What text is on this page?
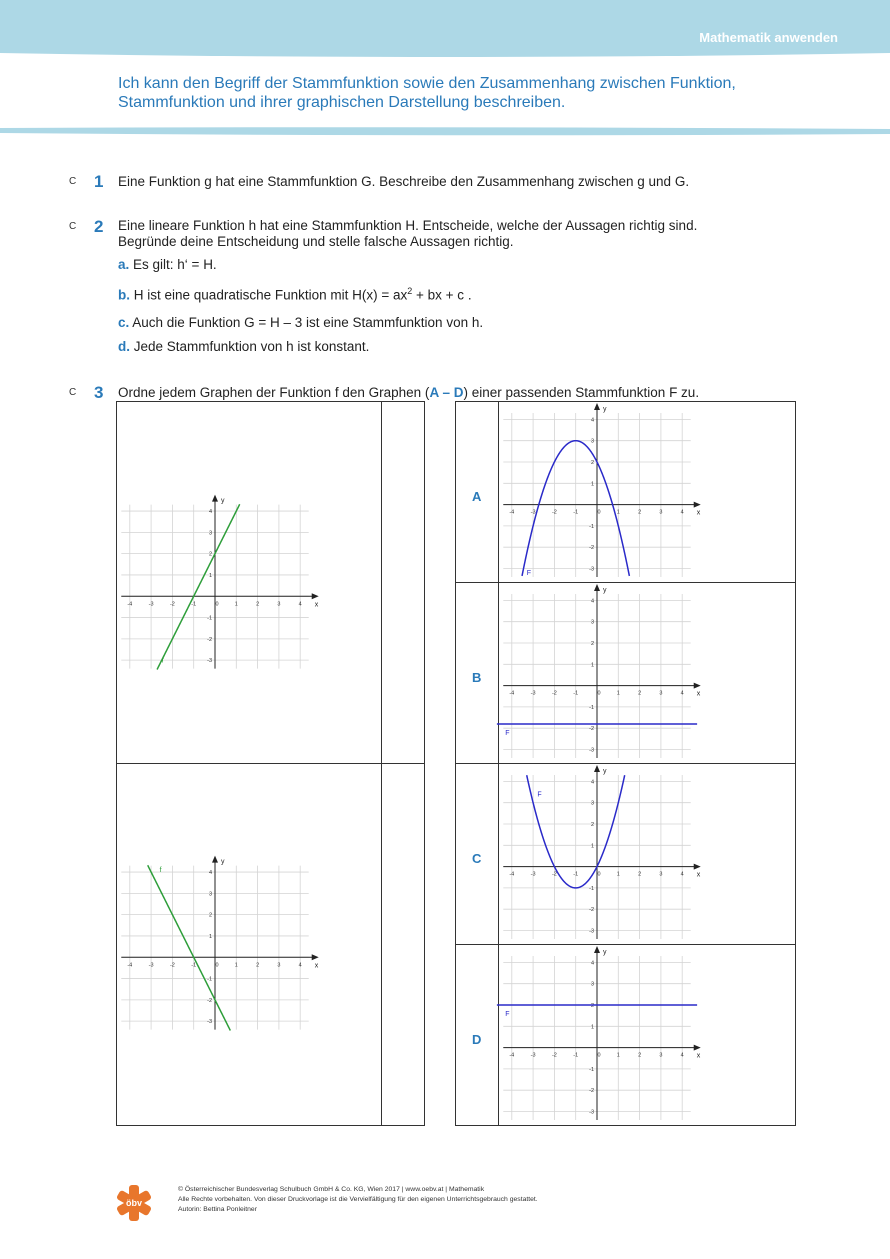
Mathematik anwenden
Ich kann den Begriff der Stammfunktion sowie den Zusammenhang zwischen Funktion,
Stammfunktion und ihrer graphischen Darstellung beschreiben.
C 1 Eine Funktion g hat eine Stammfunktion G. Beschreibe den Zusammenhang zwischen g und G.
C 2 Eine lineare Funktion h hat eine Stammfunktion H. Entscheide, welche der Aussagen richtig sind.
Begründe deine Entscheidung und stelle falsche Aussagen richtig.
a. Es gilt: h‘ = H.
b. H ist eine quadratische Funktion mit $H(x) = ax^2$ + bx + c .
c. Auch die Funktion G = H – 3 ist eine Stammfunktion von h.
d. Jede Stammfunktion von h ist konstant.
C 3 Ordne jedem Graphen der Funktion f den Graphen (A – D) einer passenden Stammfunktion F zu.
A
B
C
D
x
y
-4	-3	-2	-1	0	1	2	3	4
4
3
2
1
-1
-2
-3
f
x
y
-4	-3	-2	-1	0	1	2	3	4
4
3
2
1
-1
-2
-3
f
x
y
-4	-3	-2	-1	0	1	2	3	4
4
3
2
1
-1
-2
-3
F
x
y
-4	-3	-2	-1	0	1	2	3	4
4
3
2
1
-1
-2
-3
F
x
y
-4	-3	-2	-1	0	1	2	3	4
4
3
2
1
-1
-2
-3
F
x
y
-4	-3	-2	-1	0	1	2	3	4
4
3
2
1
-1
-2
-3
F
öbv
© Österreichischer Bundesverlag Schulbuch GmbH & Co. KG, Wien 2017 | www.oebv.at | Mathematik
Alle Rechte vorbehalten. Von dieser Druckvorlage ist die Vervielfältigung für den eigenen Unterrichtsgebrauch gestattet.
Autorin: Bettina Ponleitner
